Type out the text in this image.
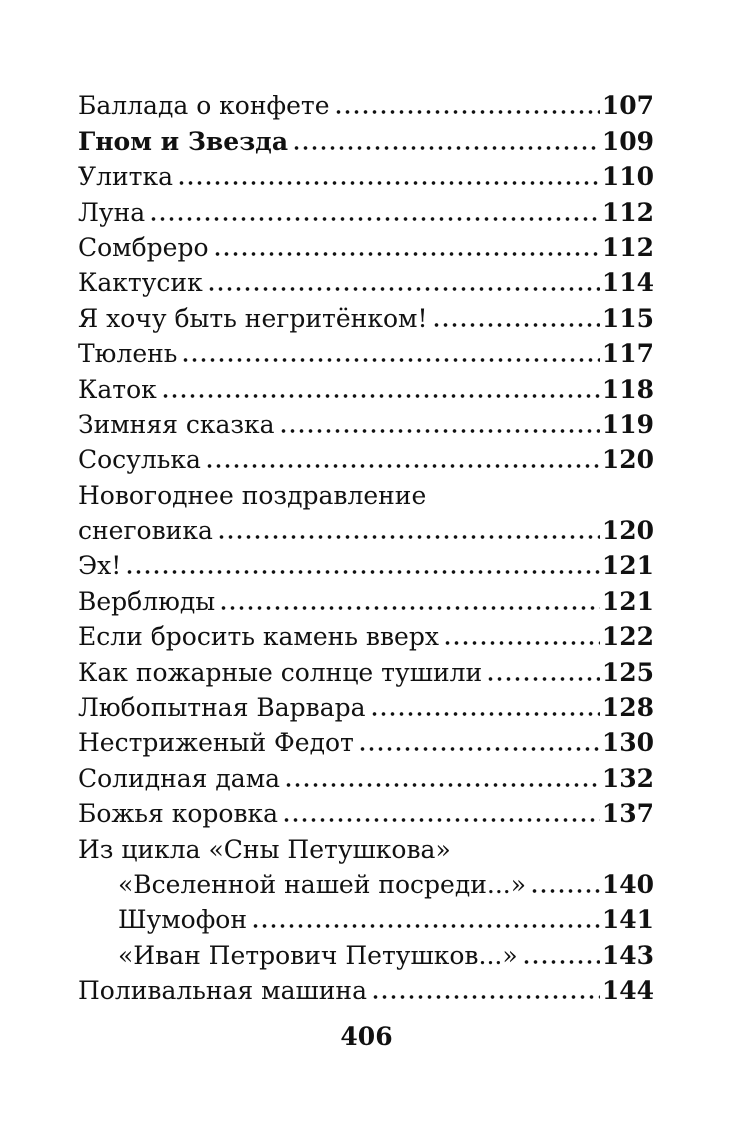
Баллада о конфете	107
Гном и Звезда	109
Улитка	110
Луна	112
Сомбреро	112
Кактусик	114
Я хочу быть негритёнком!	115
Тюлень	117
Каток	118
Зимняя сказка	119
Сосулька	120
Новогоднее поздравление
снеговика	120
Эх!	121
Верблюды	121
Если бросить камень вверх	122
Как пожарные солнце тушили	125
Любопытная Варвара	128
Нестриженый Федот	130
Солидная дама	132
Божья коровка	137
Из цикла «Сны Петушкова»
«Вселенной нашей посреди...»	140
Шумофон	141
«Иван Петрович Петушков...»	143
Поливальная машина	144
406
